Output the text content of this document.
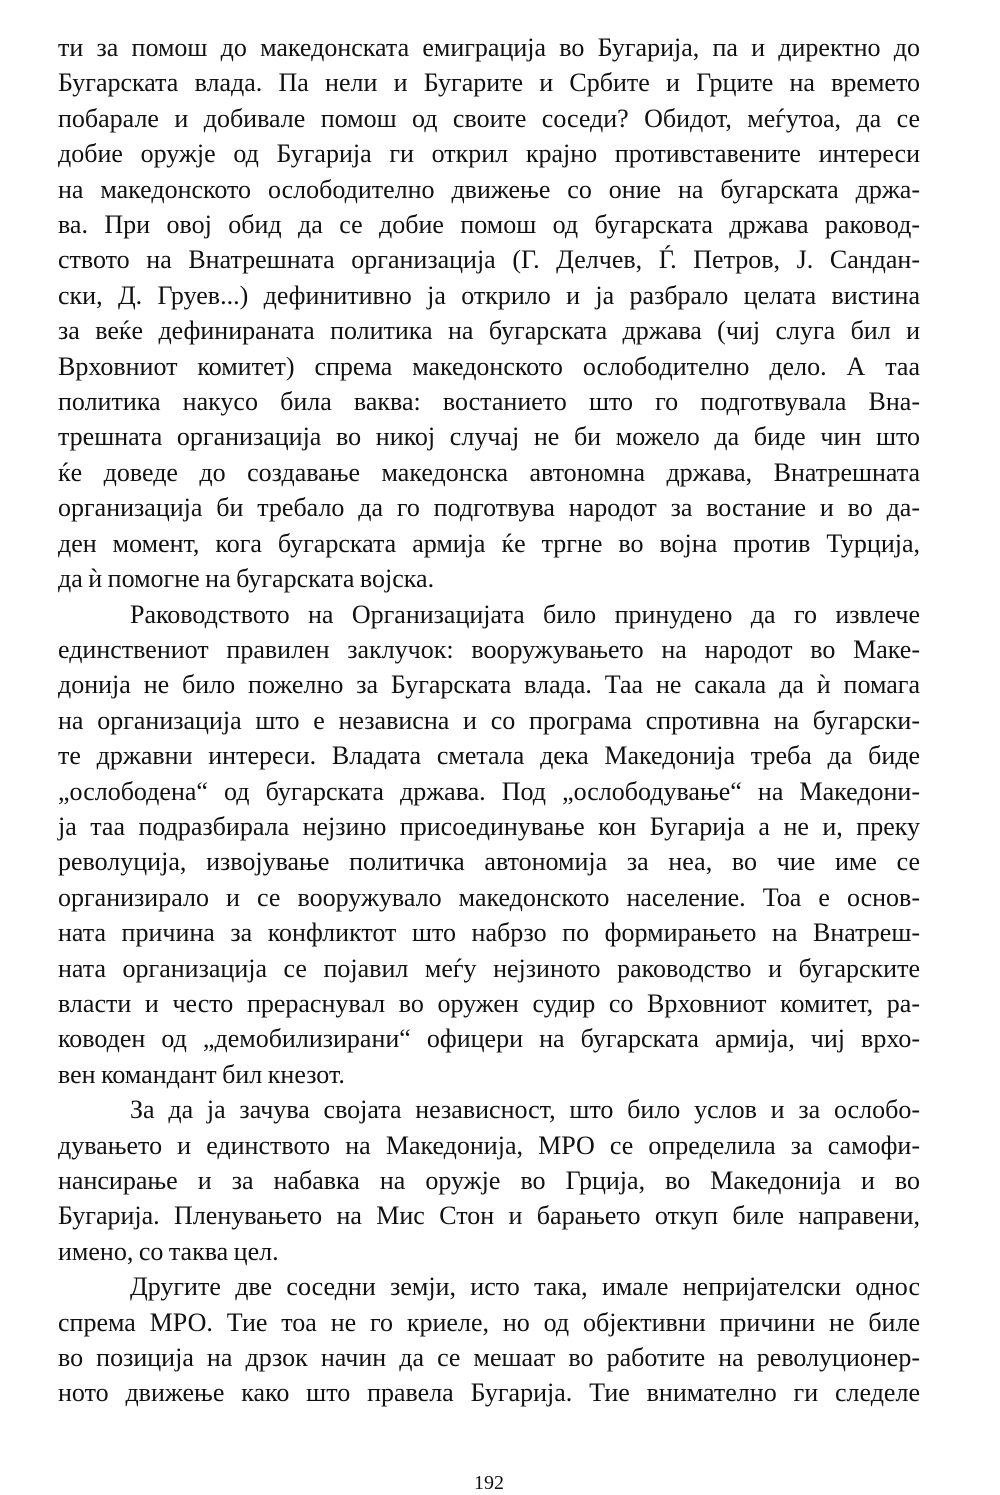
ти за помош до македонската емиграција во Бугарија, па и директно до
Бугарската влада. Па нели и Бугарите и Србите и Грците на времето
побарале и добивале помош од своите соседи? Обидот, меѓутоа, да се
добие оружје од Бугарија ги открил крајно противставените интереси
на македонското ослободително движење со оние на бугарската држа-
ва. При овој обид да се добие помош од бугарската држава раковод-
ството на Внатрешната организација (Г. Делчев, Ѓ. Петров, Ј. Сандан-
ски, Д. Груев...) дефинитивно ја открило и ја разбрало целата вистина
за веќе дефинираната политика на бугарската држава (чиј слуга бил и
Врховниот комитет) спрема македонското ослободително дело. А таа
политика накусо била ваква: востанието што го подготвувала Вна-
трешната организација во никој случај не би можело да биде чин што
ќе доведе до создавање македонска автономна држава, Внатрешната
организација би требало да го подготвува народот за востание и во да-
ден момент, кога бугарската армија ќе тргне во војна против Турција,
да ѝ помогне на бугарската војска.
Раководството на Организацијата било принудено да го извлече
единствениот правилен заклучок: вооружувањето на народот во Маке-
донија не било пожелно за Бугарската влада. Таа не сакала да ѝ помага
на организација што е независна и со програма спротивна на бугарски-
те државни интереси. Владата сметала дека Македонија треба да биде
„ослободена“ од бугарската држава. Под „ослободување“ на Македони-
ја таа подразбирала нејзино присоединување кон Бугарија а не и, преку
револуција, извојување политичка автономија за неа, во чие име се
организирало и се вооружувало македонското население. Тоа е основ-
ната причина за конфликтот што набрзо по формирањето на Внатреш-
ната организација се појавил меѓу нејзиното раководство и бугарските
власти и често прераснувал во оружен судир со Врховниот комитет, ра-
ководен од „демобилизирани“ офицери на бугарската армија, чиј врхо-
вен командант бил кнезот.
За да ја зачува својата независност, што било услов и за ослобо-
дувањето и единството на Македонија, МРО се определила за самофи-
нансирање и за набавка на оружје во Грција, во Македонија и во
Бугарија. Пленувањето на Мис Стон и барањето откуп биле направени,
имено, со таква цел.
Другите две соседни земји, исто така, имале непријателски однос
спрема МРО. Тие тоа не го криеле, но од објективни причини не биле
во позиција на дрзок начин да се мешаат во работите на револуционер-
ното движење како што правела Бугарија. Тие внимателно ги следеле
192
